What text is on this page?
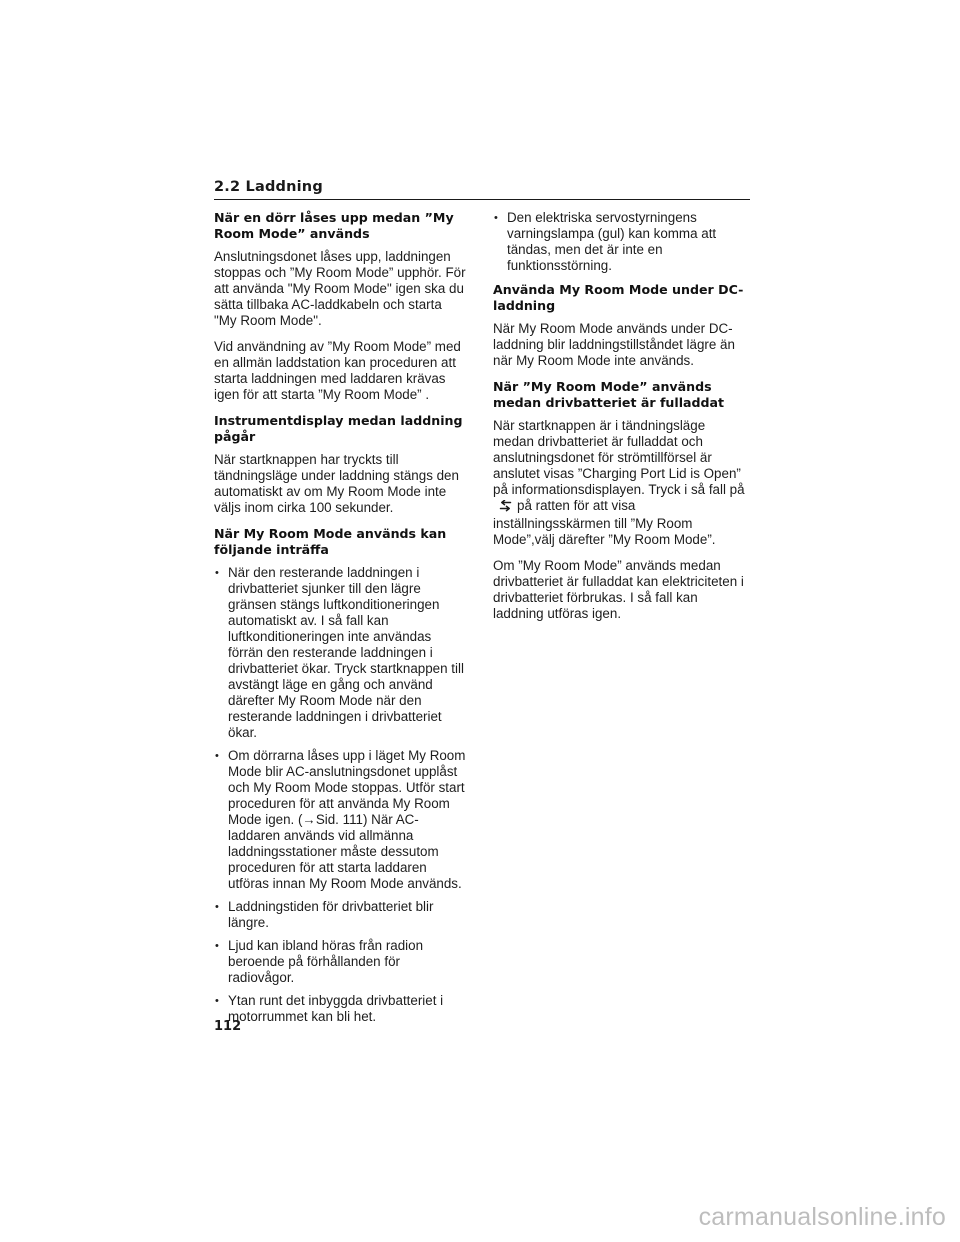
2.2 Laddning
När en dörr låses upp medan ”My Room Mode” används
Anslutningsdonet låses upp, laddningen stoppas och ”My Room Mode” upphör. För att använda "My Room Mode" igen ska du sätta tillbaka AC-laddkabeln och starta "My Room Mode".
Vid användning av ”My Room Mode” med en allmän laddstation kan proceduren att starta laddningen med laddaren krävas igen för att starta ”My Room Mode” .
Instrumentdisplay medan laddning pågår
När startknappen har tryckts till tändningsläge under laddning stängs den automatiskt av om My Room Mode inte väljs inom cirka 100 sekunder.
När My Room Mode används kan följande inträffa
• När den resterande laddningen i drivbatteriet sjunker till den lägre gränsen stängs luftkonditioneringen automatiskt av. I så fall kan luftkonditioneringen inte användas förrän den resterande laddningen i drivbatteriet ökar. Tryck startknappen till avstängt läge en gång och använd därefter My Room Mode när den resterande laddningen i drivbatteriet ökar.
• Om dörrarna låses upp i läget My Room Mode blir AC-anslutningsdonet upplåst och My Room Mode stoppas. Utför start proceduren för att använda My Room Mode igen. (→Sid. 111) När AC-laddaren används vid allmänna laddningsstationer måste dessutom proceduren för att starta laddaren utföras innan My Room Mode används.
• Laddningstiden för drivbatteriet blir längre.
• Ljud kan ibland höras från radion beroende på förhållanden för radiovågor.
• Ytan runt det inbyggda drivbatteriet i motorrummet kan bli het.
• Den elektriska servostyrningens varningslampa (gul) kan komma att tändas, men det är inte en funktionsstörning.
Använda My Room Mode under DC-laddning
När My Room Mode används under DC-laddning blir laddningstillståndet lägre än när My Room Mode inte används.
När ”My Room Mode” används medan drivbatteriet är fulladdat
När startknappen är i tändningsläge medan drivbatteriet är fulladdat och anslutningsdonet för strömtillförsel är anslutet visas ”Charging Port Lid is Open” på informationsdisplayen. Tryck i så fall påpå ratten för att visa inställningsskärmen till ”My Room Mode”,välj därefter ”My Room Mode”.
Om ”My Room Mode” används medan drivbatteriet är fulladdat kan elektriciteten i drivbatteriet förbrukas. I så fall kan laddning utföras igen.
112
carmanualsonline.info
